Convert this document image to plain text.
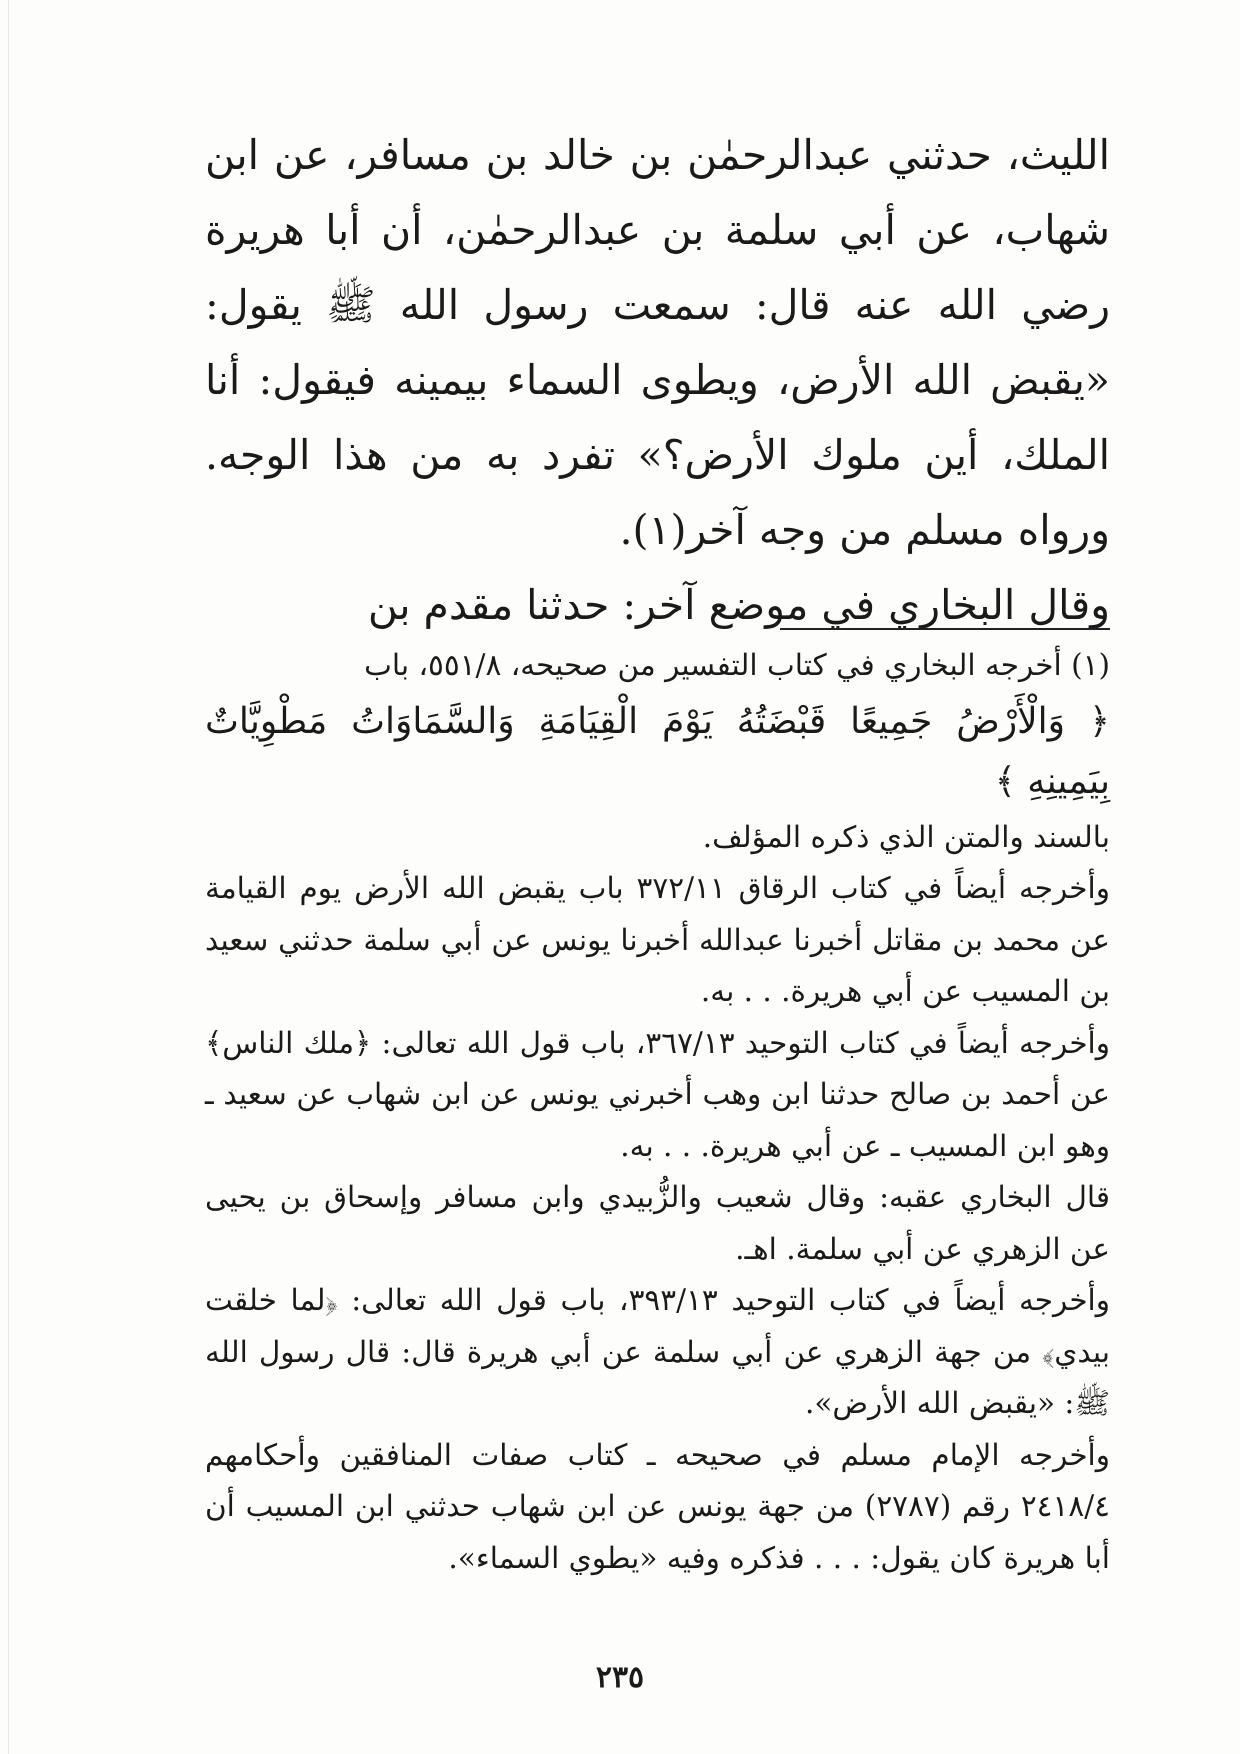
الليث، حدثني عبدالرحمٰن بن خالد بن مسافر، عن ابن شهاب، عن أبي سلمة بن عبدالرحمٰن، أن أبا هريرة رضي الله عنه قال: سمعت رسول الله ﷺ يقول: «يقبض الله الأرض، ويطوى السماء بيمينه فيقول: أنا الملك، أين ملوك الأرض؟» تفرد به من هذا الوجه. ورواه مسلم من وجه آخر(١).

وقال البخاري في موضع آخر: حدثنا مقدم بن

(١) أخرجه البخاري في كتاب التفسير من صحيحه، ٥٥١/٨، باب

﴿ وَالْأَرْضُ جَمِيعًا قَبْضَتُهُ يَوْمَ الْقِيَامَةِ وَالسَّمَاوَاتُ مَطْوِيَّاتٌ بِيَمِينِهِ ﴾

بالسند والمتن الذي ذكره المؤلف.

وأخرجه أيضاً في كتاب الرقاق ٣٧٢/١١ باب يقبض الله الأرض يوم القيامة عن محمد بن مقاتل أخبرنا عبدالله أخبرنا يونس عن أبي سلمة حدثني سعيد بن المسيب عن أبي هريرة. . . به.

وأخرجه أيضاً في كتاب التوحيد ٣٦٧/١٣، باب قول الله تعالى: ﴿ملك الناس﴾ عن أحمد بن صالح حدثنا ابن وهب أخبرني يونس عن ابن شهاب عن سعيد ـ وهو ابن المسيب ـ عن أبي هريرة. . . به.

قال البخاري عقبه: وقال شعيب والزُّبيدي وابن مسافر وإسحاق بن يحيى عن الزهري عن أبي سلمة. اهـ.

وأخرجه أيضاً في كتاب التوحيد ٣٩٣/١٣، باب قول الله تعالى: ﴿لما خلقت بيدي﴾ من جهة الزهري عن أبي سلمة عن أبي هريرة قال: قال رسول الله ﷺ: «يقبض الله الأرض».

وأخرجه الإمام مسلم في صحيحه ـ كتاب صفات المنافقين وأحكامهم ٢٤١٨/٤ رقم (٢٧٨٧) من جهة يونس عن ابن شهاب حدثني ابن المسيب أن أبا هريرة كان يقول: . . . فذكره وفيه «يطوي السماء».

٢٣٥
